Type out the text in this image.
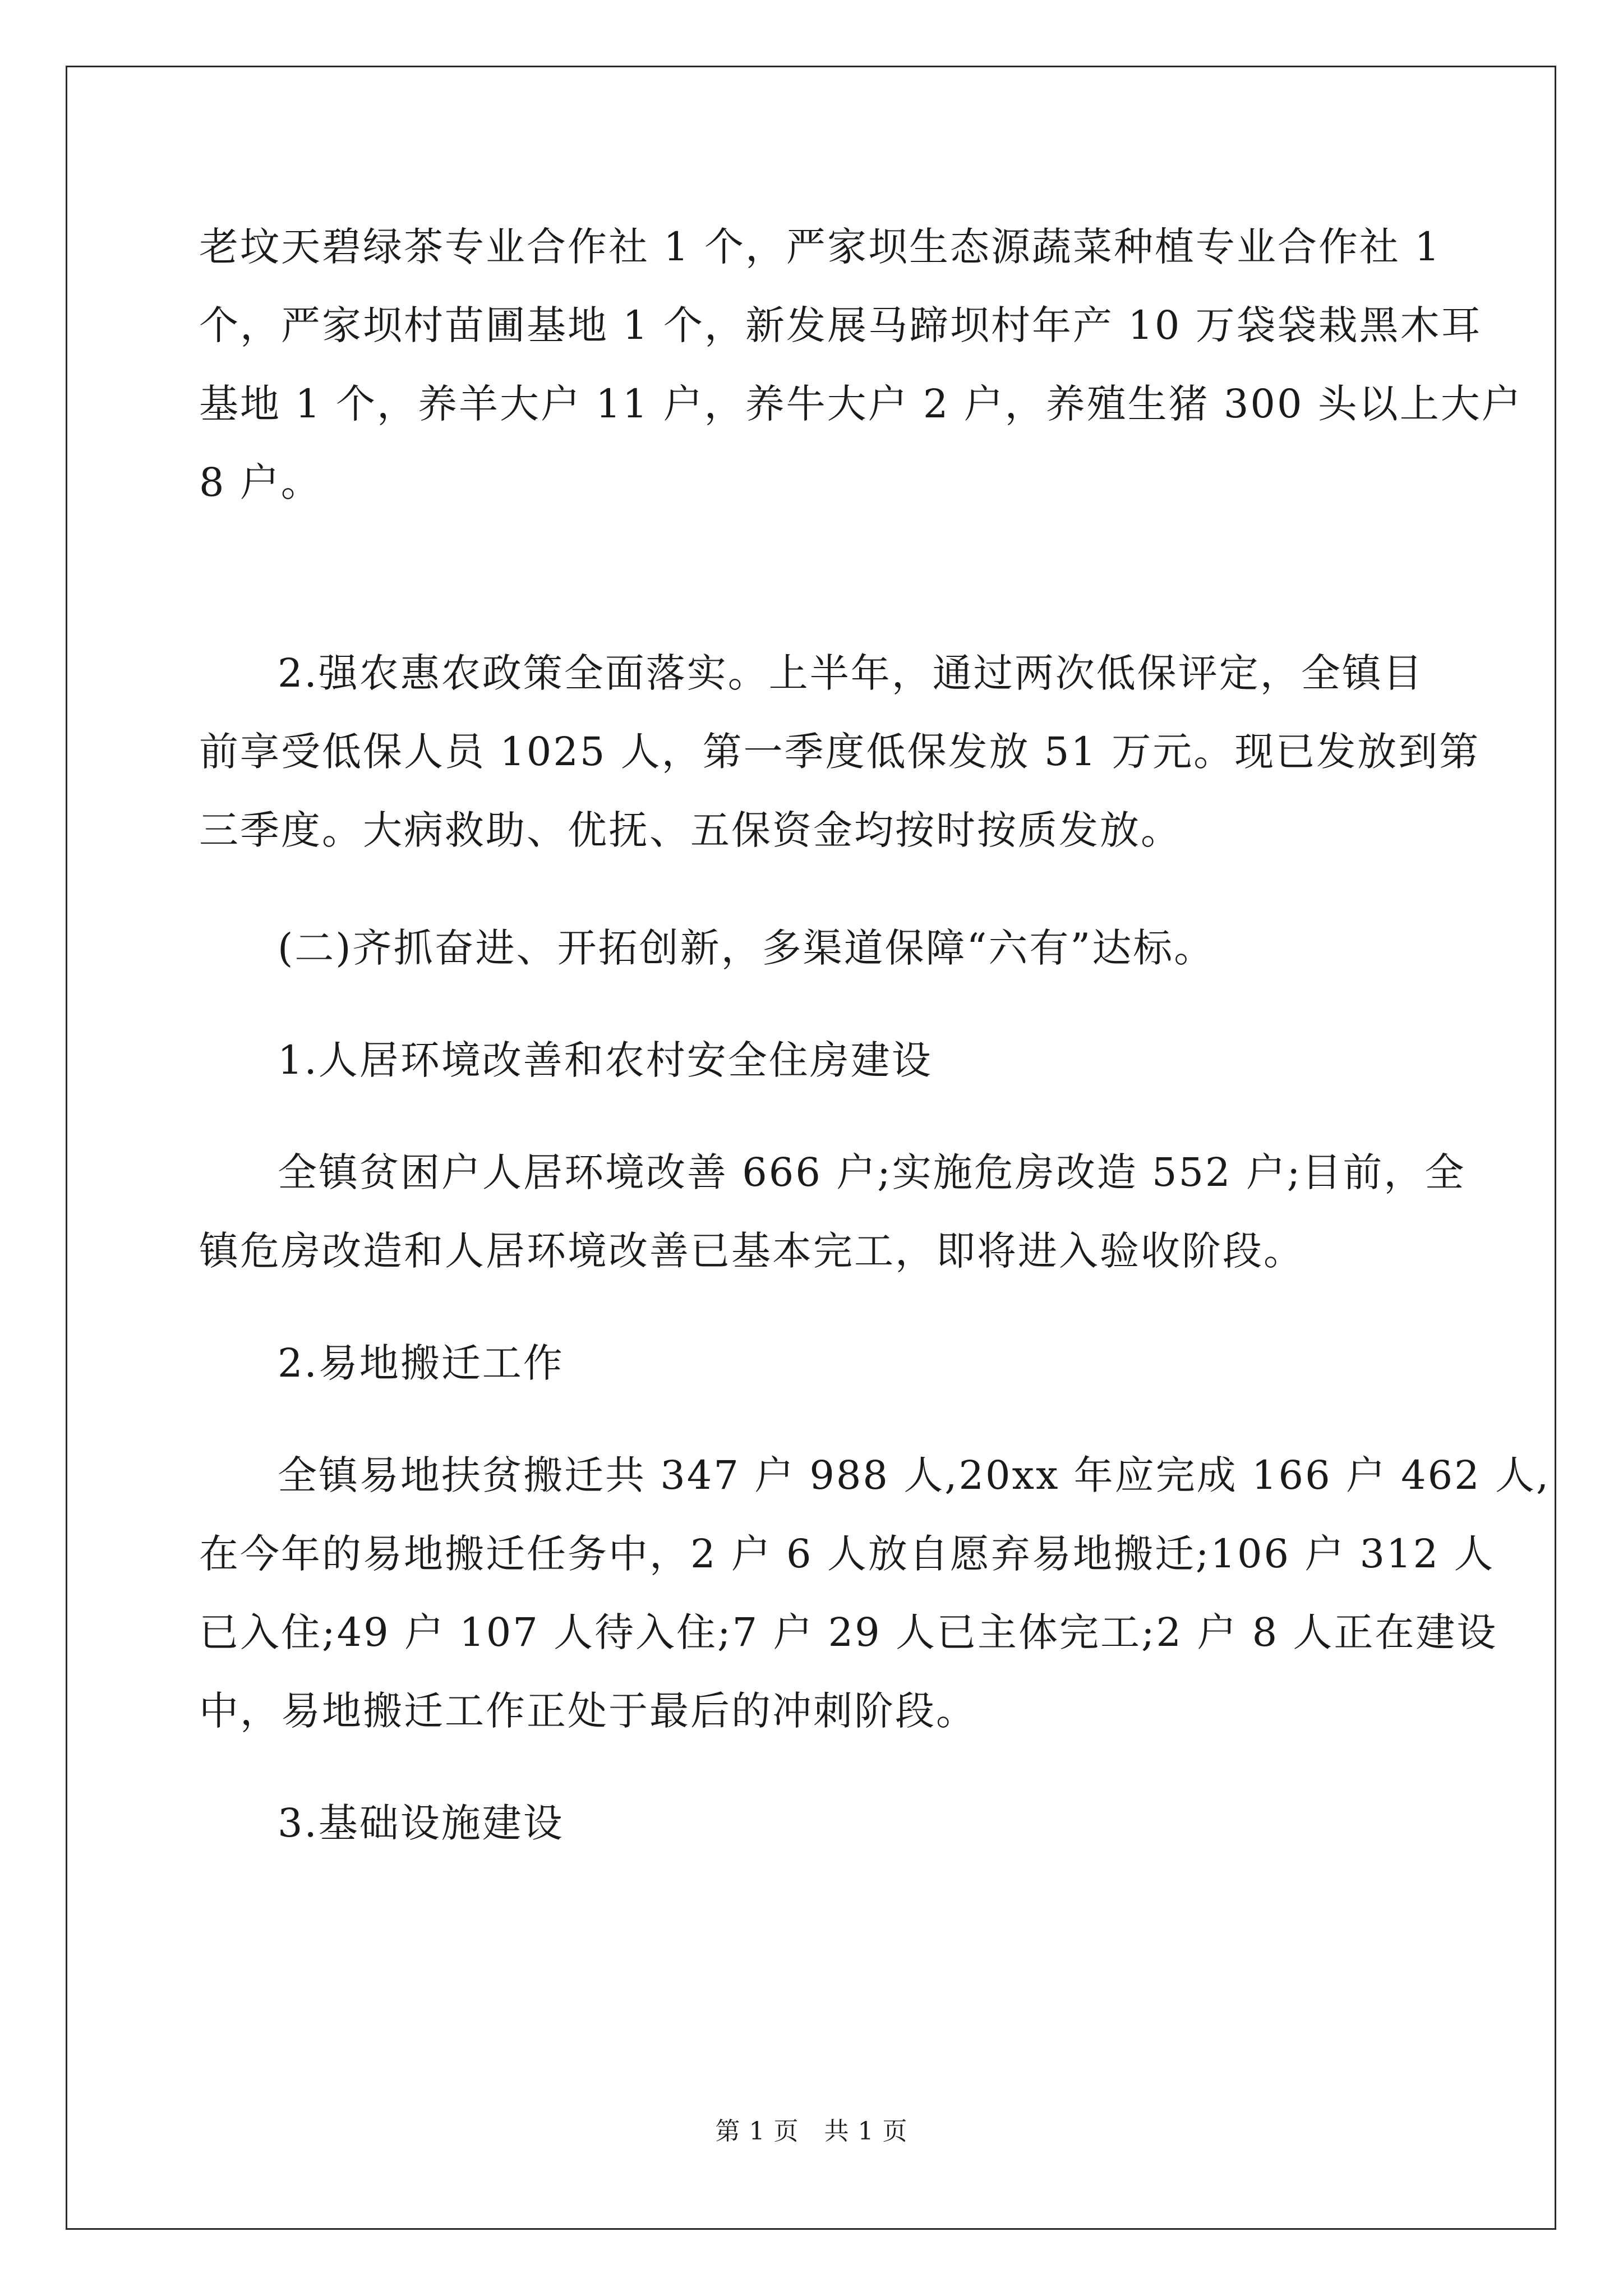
老坟天碧绿茶专业合作社 1 个，严家坝生态源蔬菜种植专业合作社 1

个，严家坝村苗圃基地 1 个，新发展马蹄坝村年产 10 万袋袋栽黑木耳

基地 1 个，养羊大户 11 户，养牛大户 2 户，养殖生猪 300 头以上大户

8 户。

2.强农惠农政策全面落实。上半年，通过两次低保评定，全镇目

前享受低保人员 1025 人，第一季度低保发放 51 万元。现已发放到第

三季度。大病救助、优抚、五保资金均按时按质发放。

(二)齐抓奋进、开拓创新，多渠道保障“六有”达标。

1.人居环境改善和农村安全住房建设

全镇贫困户人居环境改善 666 户;实施危房改造 552 户;目前，全

镇危房改造和人居环境改善已基本完工，即将进入验收阶段。

2.易地搬迁工作

全镇易地扶贫搬迁共 347 户 988 人,20xx 年应完成 166 户 462 人,

在今年的易地搬迁任务中，2 户 6 人放自愿弃易地搬迁;106 户 312 人

已入住;49 户 107 人待入住;7 户 29 人已主体完工;2 户 8 人正在建设

中，易地搬迁工作正处于最后的冲刺阶段。

3.基础设施建设

第 1 页　共 1 页
